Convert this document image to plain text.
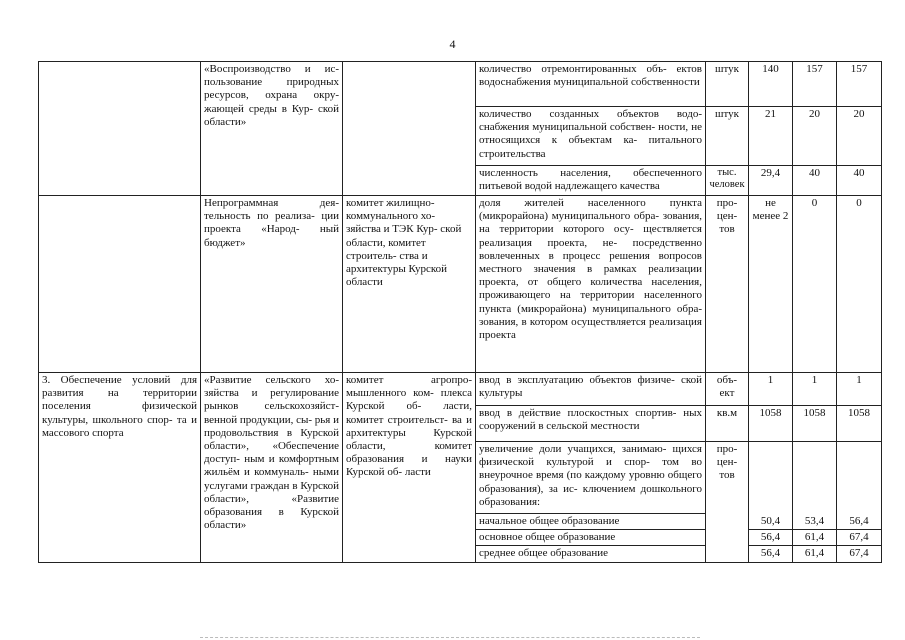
4
	«Воспроизводство и ис- пользование природных ресурсов, охрана окру- жающей среды в Кур- ской области»		количество отремонтированных объ- ектов водоснабжения муниципальной собственности	штук	140	157	157
			количество созданных объектов водо- снабжения муниципальной собствен- ности, не относящихся к объектам ка- питального строительства	штук	21	20	20
			численность населения, обеспеченного питьевой водой надлежащего качества	тыс. человек	29,4	40	40
	Непрограммная дея- тельность по реализа- ции проекта «Народ- ный бюджет»	комитет жилищно- коммунального хо- зяйства и ТЭК Кур- ской области, комитет строитель- ства и архитектуры Курской области	доля жителей населенного пункта (микрорайона) муниципального обра- зования, на территории которого осу- ществляется реализация проекта, не- посредственно вовлеченных в процесс решения вопросов местного значения в рамках реализации проекта, от общего количества населения, проживающего на территории населенного пункта (микрорайона) муниципального обра- зования, в котором осуществляется реализация проекта	про- цен- тов	не менее 2	0	0
3. Обеспечение условий для развития на территории поселения физической культуры, школьного спор- та и массового спорта	«Развитие сельского хо- зяйства и регулирование рынков сельскохозяйст- венной продукции, сы- рья и продовольствия в Курской области», «Обеспечение доступ- ным и комфортным жильём и коммуналь- ными услугами граждан в Курской области», «Развитие образования в Курской области»	комитет агропро- мышленного ком- плекса Курской об- ласти, комитет строительст- ва и архитектуры Курской области, комитет образования и науки Курской об- ласти	ввод в эксплуатацию объектов физиче- ской культуры	объ- ект	1	1	1
			ввод в действие плоскостных спортив- ных сооружений в сельской местности	кв.м	1058	1058	1058
			увеличение доли учащихся, занимаю- щихся физической культурой и спор- том во внеурочное время (по каждому уровню общего образования), за ис- ключением дошкольного образования:	про- цен- тов			
			начальное общее образование		50,4	53,4	56,4
			основное общее образование		56,4	61,4	67,4
			среднее общее образование		56,4	61,4	67,4
